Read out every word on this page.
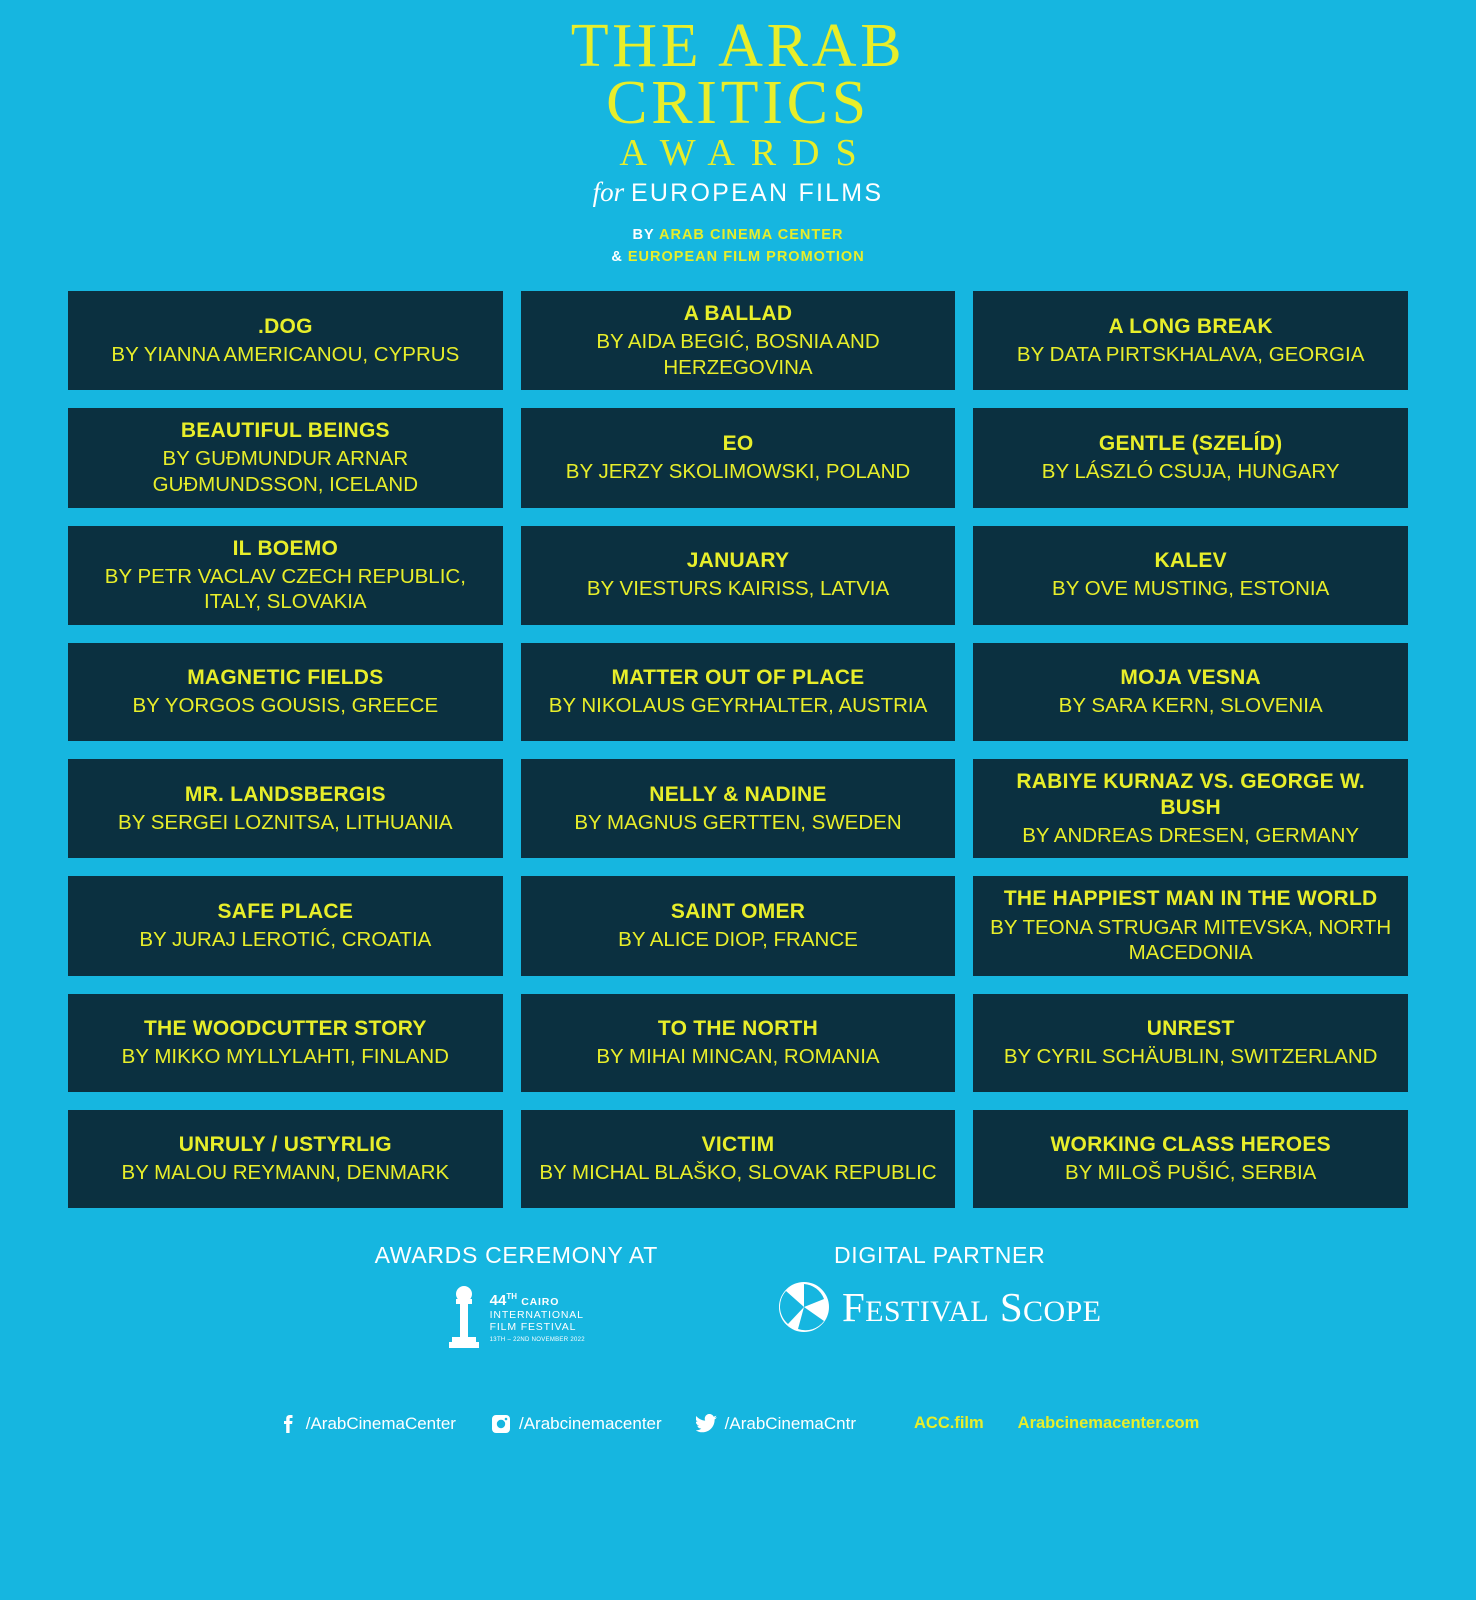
THE ARAB
CRITICS
AWARDS
for EUROPEAN FILMS
BY ARAB CINEMA CENTER
& EUROPEAN FILM PROMOTION
.DOG
BY YIANNA AMERICANOU, CYPRUS
A BALLAD
BY AIDA BEGIĆ, BOSNIA AND HERZEGOVINA
A LONG BREAK
BY DATA PIRTSKHALAVA, GEORGIA
BEAUTIFUL BEINGS
BY GUÐMUNDUR ARNAR GUÐMUNDSSON, ICELAND
EO
BY JERZY SKOLIMOWSKI, POLAND
GENTLE (SZELÍD)
BY LÁSZLÓ CSUJA, HUNGARY
IL BOEMO
BY PETR VACLAV CZECH REPUBLIC, ITALY, SLOVAKIA
JANUARY
BY VIESTURS KAIRISS, LATVIA
KALEV
BY OVE MUSTING, ESTONIA
MAGNETIC FIELDS
BY YORGOS GOUSIS, GREECE
MATTER OUT OF PLACE
BY NIKOLAUS GEYRHALTER, AUSTRIA
MOJA VESNA
BY SARA KERN, SLOVENIA
MR. LANDSBERGIS
BY SERGEI LOZNITSA, LITHUANIA
NELLY & NADINE
BY MAGNUS GERTTEN, SWEDEN
RABIYE KURNAZ VS. GEORGE W. BUSH
BY ANDREAS DRESEN, GERMANY
SAFE PLACE
BY JURAJ LEROTIĆ, CROATIA
SAINT OMER
BY ALICE DIOP, FRANCE
THE HAPPIEST MAN IN THE WORLD
BY TEONA STRUGAR MITEVSKA, NORTH MACEDONIA
THE WOODCUTTER STORY
BY MIKKO MYLLYLAHTI, FINLAND
TO THE NORTH
BY MIHAI MINCAN, ROMANIA
UNREST
BY CYRIL SCHÄUBLIN, SWITZERLAND
UNRULY / USTYRLIG
BY MALOU REYMANN, DENMARK
VICTIM
BY MICHAL BLAŠKO, SLOVAK REPUBLIC
WORKING CLASS HEROES
BY MILOŠ PUŠIĆ, SERBIA
AWARDS CEREMONY AT
44TH CAIRO
INTERNATIONAL
FILM FESTIVAL
13TH – 22ND NOVEMBER 2022
DIGITAL PARTNER
FESTIVAL SCOPE
/ArabCinemaCenter	/Arabcinemacenter	/ArabCinemaCntr	ACC.film Arabcinemacenter.com
